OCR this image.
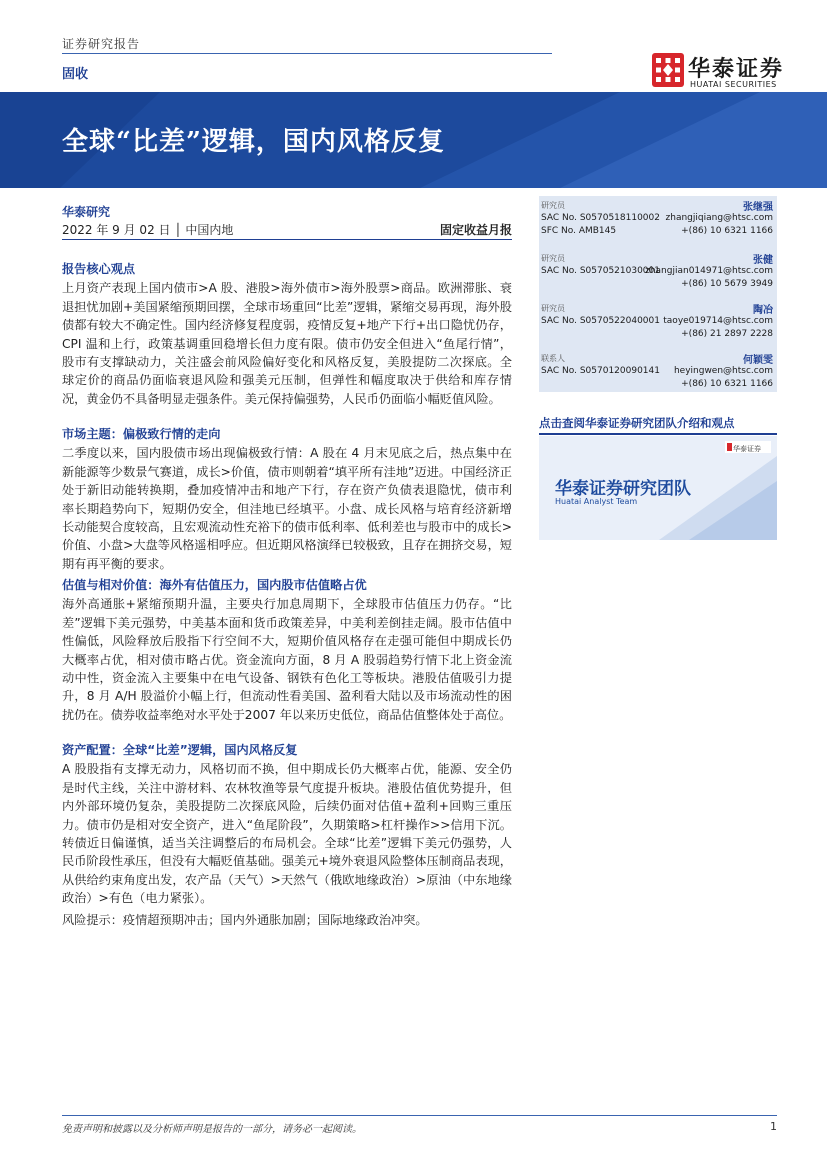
证券研究报告
固收	华泰证券
HUATAI SECURITIES
全球“比差”逻辑，国内风格反复
华泰研究
2022 年 9 月 02 日 │ 中国内地	固定收益月报
报告核心观点

上月资产表现上国内债市>A 股、港股>海外债市>海外股票>商品。欧洲滞胀、衰退担忧加剧+美国紧缩预期回摆，全球市场重回“比差”逻辑，紧缩交易再现，海外股债都有较大不确定性。国内经济修复程度弱，疫情反复+地产下行+出口隐忧仍存，CPI 温和上行，政策基调重回稳增长但力度有限。债市仍安全但进入“鱼尾行情”，股市有支撑缺动力，关注盛会前风险偏好变化和风格反复，美股提防二次探底。全球定价的商品仍面临衰退风险和强美元压制，但弹性和幅度取决于供给和库存情况，黄金仍不具备明显走强条件。美元保持偏强势，人民币仍面临小幅贬值风险。

市场主题：偏极致行情的走向

二季度以来，国内股债市场出现偏极致行情：A 股在 4 月末见底之后，热点集中在新能源等少数景气赛道，成长>价值，债市则朝着“填平所有洼地”迈进。中国经济正处于新旧动能转换期，叠加疫情冲击和地产下行，存在资产负债表退隐忧，债市利率长期趋势向下，短期仍安全，但洼地已经填平。小盘、成长风格与培育经济新增长动能契合度较高，且宏观流动性充裕下的债市低利率、低利差也与股市中的成长>价值、小盘>大盘等风格遥相呼应。但近期风格演绎已较极致，且存在拥挤交易，短期有再平衡的要求。

估值与相对价值：海外有估值压力，国内股市估值略占优

海外高通胀+紧缩预期升温，主要央行加息周期下，全球股市估值压力仍存。“比差”逻辑下美元强势，中美基本面和货币政策差异，中美利差倒挂走阔。股市估值中性偏低，风险释放后股指下行空间不大，短期价值风格存在走强可能但中期成长仍大概率占优，相对债市略占优。资金流向方面，8 月 A 股弱趋势行情下北上资金流动中性，资金流入主要集中在电气设备、钢铁有色化工等板块。港股估值吸引力提升，8 月 A/H 股溢价小幅上行，但流动性看美国、盈利看大陆以及市场流动性的困扰仍在。债券收益率绝对水平处于2007 年以来历史低位，商品估值整体处于高位。

资产配置：全球“比差”逻辑，国内风格反复

A 股股指有支撑无动力，风格切而不换，但中期成长仍大概率占优，能源、安全仍是时代主线，关注中游材料、农林牧渔等景气度提升板块。港股估值优势提升，但内外部环境仍复杂，美股提防二次探底风险，后续仍面对估值+盈利+回购三重压力。债市仍是相对安全资产，进入“鱼尾阶段”，久期策略>杠杆操作>>信用下沉。转债近日偏谨慎，适当关注调整后的布局机会。全球“比差”逻辑下美元仍强势，人民币阶段性承压，但没有大幅贬值基础。强美元+境外衰退风险整体压制商品表现，从供给约束角度出发，农产品（天气）>天然气（俄欧地缘政治）>原油（中东地缘政治）>有色（电力紧张）。

风险提示：疫情超预期冲击；国内外通胀加剧；国际地缘政治冲突。

研究员	张继强
SAC No. S0570518110002 zhangjiqiang@htsc.com
SFC No. AMB145	+(86) 10 6321 1166
研究员	张健
SAC No. S0570521030001
zhangjian014971@htsc.com
+(86) 10 5679 3949
研究员	陶冶
SAC No. S0570522040001 taoye019714@htsc.com
+(86) 21 2897 2228
联系人	何颖雯
SAC No. S0570120090141 heyingwen@htsc.com
+(86) 10 6321 1166
点击查阅华泰证券研究团队介绍和观点
华泰证券
华泰证券研究团队
Huatai Analyst Team
免责声明和披露以及分析师声明是报告的一部分，请务必一起阅读。	1
